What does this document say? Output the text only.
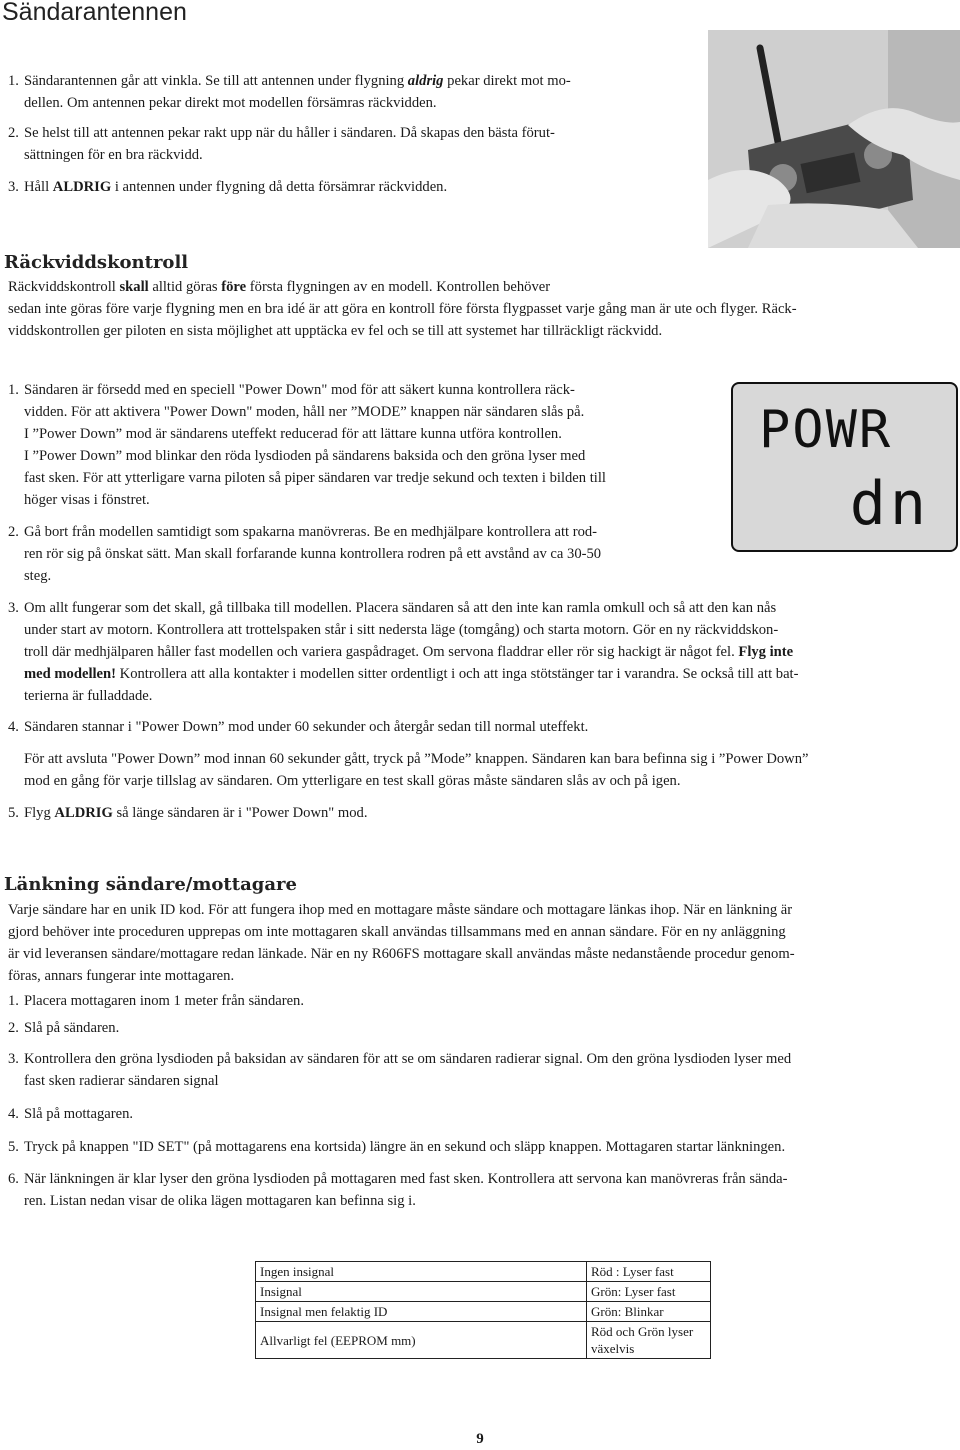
Sändarantennen
1. Sändarantennen går att vinkla. Se till att antennen under flygning aldrig pekar direkt mot mo-
dellen. Om antennen pekar direkt mot modellen försämras räckvidden.
2. Se helst till att antennen pekar rakt upp när du håller i sändaren. Då skapas den bästa förut-
sättningen för en bra räckvidd.
3. Håll ALDRIG i antennen under flygning då detta försämrar räckvidden.
Räckviddskontroll
Räckviddskontroll skall alltid göras före första flygningen av en modell. Kontrollen behöver
sedan inte göras före varje flygning men en bra idé är att göra en kontroll före första flygpasset varje gång man är ute och flyger. Räck-
viddskontrollen ger piloten en sista möjlighet att upptäcka ev fel och se till att systemet har tillräckligt räckvidd.
1. Sändaren är försedd med en speciell "Power Down" mod för att säkert kunna kontrollera räck-
vidden. För att aktivera "Power Down" moden, håll ner ”MODE” knappen när sändaren slås på.
I ”Power Down” mod är sändarens uteffekt reducerad för att lättare kunna utföra kontrollen.
I ”Power Down” mod blinkar den röda lysdioden på sändarens baksida och den gröna lyser med
fast sken. För att ytterligare varna piloten så piper sändaren var tredje sekund och texten i bilden till
höger visas i fönstret.
POWR
dn
2. Gå bort från modellen samtidigt som spakarna manövreras. Be en medhjälpare kontrollera att rod-
ren rör sig på önskat sätt. Man skall forfarande kunna kontrollera rodren på ett avstånd av ca 30-50
steg.
3. Om allt fungerar som det skall, gå tillbaka till modellen. Placera sändaren så att den inte kan ramla omkull och så att den kan nås
under start av motorn. Kontrollera att trottelspaken står i sitt nedersta läge (tomgång) och starta motorn. Gör en ny räckviddskon-
troll där medhjälparen håller fast modellen och variera gaspådraget. Om servona fladdrar eller rör sig hackigt är något fel. Flyg inte
med modellen! Kontrollera att alla kontakter i modellen sitter ordentligt i och att inga stötstänger tar i varandra. Se också till att bat-
terierna är fulladdade.
4. Sändaren stannar i "Power Down” mod under 60 sekunder och återgår sedan till normal uteffekt.
För att avsluta "Power Down” mod innan 60 sekunder gått, tryck på ”Mode” knappen. Sändaren kan bara befinna sig i ”Power Down”
mod en gång för varje tillslag av sändaren. Om ytterligare en test skall göras måste sändaren slås av och på igen.
5. Flyg ALDRIG så länge sändaren är i "Power Down" mod.
Länkning sändare/mottagare
Varje sändare har en unik ID kod. För att fungera ihop med en mottagare måste sändare och mottagare länkas ihop. När en länkning är
gjord behöver inte proceduren upprepas om inte mottagaren skall användas tillsammans med en annan sändare. För en ny anläggning
är vid leveransen sändare/mottagare redan länkade. När en ny R606FS mottagare skall användas måste nedanstående procedur genom-
föras, annars fungerar inte mottagaren.
1. Placera mottagaren inom 1 meter från sändaren.
2. Slå på sändaren.
3. Kontrollera den gröna lysdioden på baksidan av sändaren för att se om sändaren radierar signal. Om den gröna lysdioden lyser med
fast sken radierar sändaren signal
4. Slå på mottagaren.
5. Tryck på knappen "ID SET" (på mottagarens ena kortsida) längre än en sekund och släpp knappen. Mottagaren startar länkningen.
6. När länkningen är klar lyser den gröna lysdioden på mottagaren med fast sken. Kontrollera att servona kan manövreras från sända-
ren. Listan nedan visar de olika lägen mottagaren kan befinna sig i.
Ingen insignal	Röd : Lyser fast
Insignal	Grön: Lyser fast
Insignal men felaktig ID	Grön: Blinkar
Allvarligt fel (EEPROM mm)	Röd och Grön lyser växelvis
9
